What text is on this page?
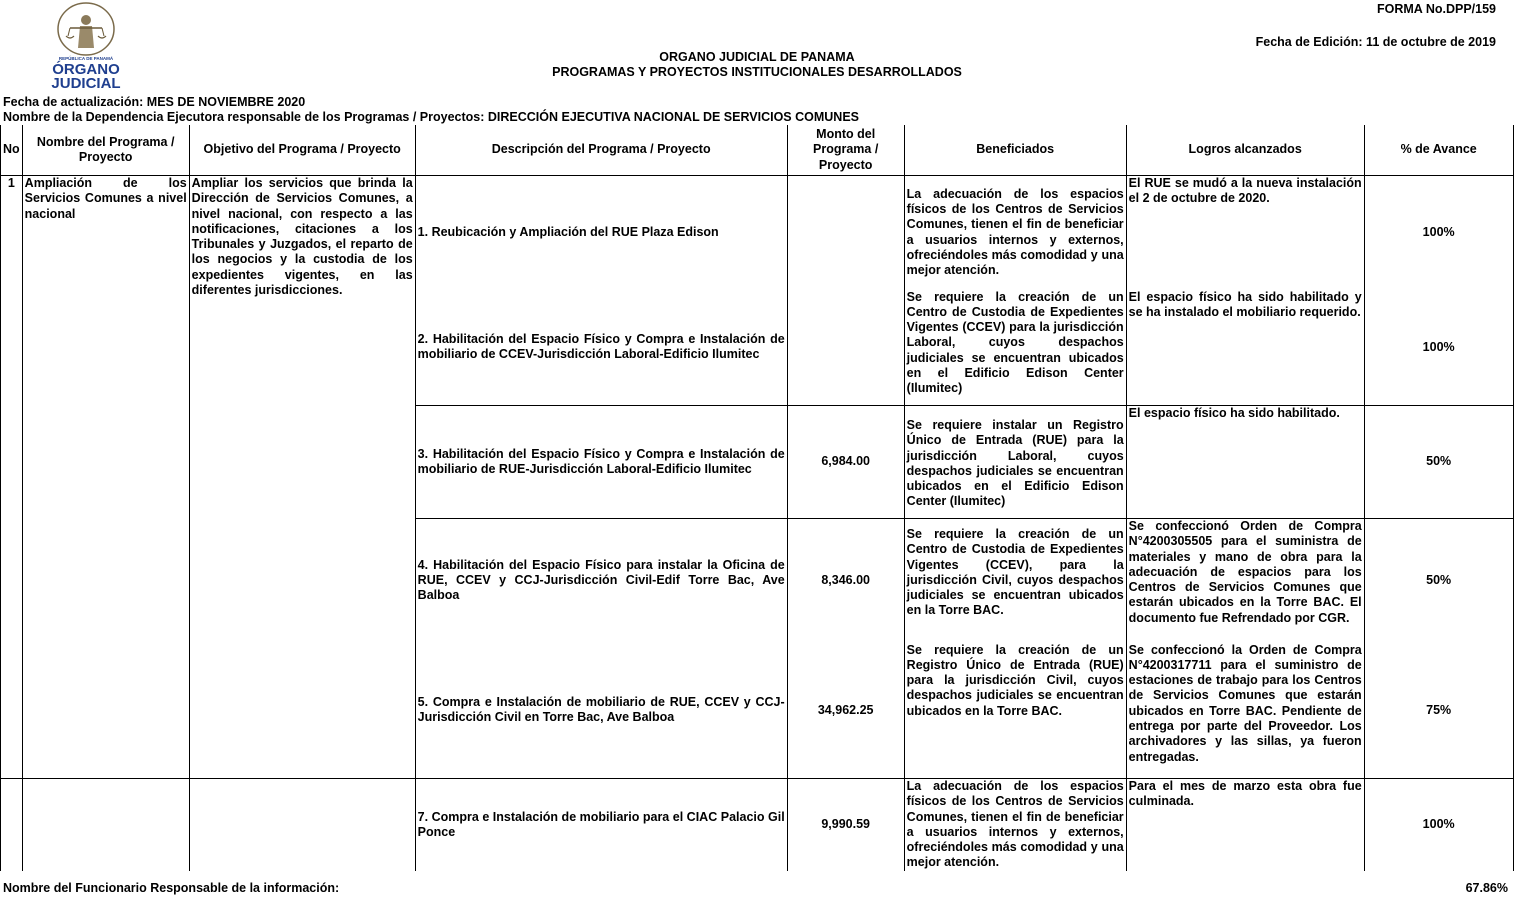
REPÚBLICA DE PANAMÁ
ÓRGANO
JUDICIAL
FORMA No.DPP/159
Fecha de Edición: 11 de octubre de 2019
ORGANO JUDICIAL DE PANAMA
PROGRAMAS Y PROYECTOS INSTITUCIONALES DESARROLLADOS
Fecha de actualización: MES DE NOVIEMBRE 2020
Nombre de la Dependencia Ejecutora responsable de los Programas / Proyectos: DIRECCIÓN EJECUTIVA NACIONAL DE SERVICIOS COMUNES
No	Nombre del Programa / Proyecto	Objetivo del Programa / Proyecto	Descripción del Programa / Proyecto	Monto del Programa / Proyecto	Beneficiados	Logros alcanzados	% de Avance
1	Ampliación de los Servicios Comunes a nivel nacional	Ampliar los servicios que brinda la Dirección de Servicios Comunes, a nivel nacional, con respecto a las notificaciones, citaciones a los Tribunales y Juzgados, el reparto de los negocios y la custodia de los expedientes vigentes, en las diferentes jurisdicciones.	1. Reubicación y Ampliación del RUE Plaza Edison		La adecuación de los espacios físicos de los Centros de Servicios Comunes, tienen el fin de beneficiar a usuarios internos y externos, ofreciéndoles más comodidad y una mejor atención.	El RUE se mudó a la nueva instalación el 2 de octubre de 2020.	100%
			2. Habilitación del Espacio Físico y Compra e Instalación de mobiliario de CCEV-Jurisdicción Laboral-Edificio Ilumitec		Se requiere la creación de un Centro de Custodia de Expedientes Vigentes (CCEV) para la jurisdicción Laboral, cuyos despachos judiciales se encuentran ubicados en el Edificio Edison Center (Ilumitec)	El espacio físico ha sido habilitado y se ha instalado el mobiliario requerido.	100%
			3. Habilitación del Espacio Físico y Compra e Instalación de mobiliario de RUE-Jurisdicción Laboral-Edificio Ilumitec	6,984.00	Se requiere instalar un Registro Único de Entrada (RUE) para la jurisdicción Laboral, cuyos despachos judiciales se encuentran ubicados en el Edificio Edison Center (Ilumitec)	El espacio físico ha sido habilitado.	50%
			4. Habilitación del Espacio Físico para instalar la Oficina de RUE, CCEV y CCJ-Jurisdicción Civil-Edif Torre Bac, Ave Balboa	8,346.00	Se requiere la creación de un Centro de Custodia de Expedientes Vigentes (CCEV), para la jurisdicción Civil, cuyos despachos judiciales se encuentran ubicados en la Torre BAC.	Se confeccionó Orden de Compra N°4200305505 para el suministra de materiales y mano de obra para la adecuación de espacios para los Centros de Servicios Comunes que estarán ubicados en la Torre BAC. El documento fue Refrendado por CGR.	50%
			5. Compra e Instalación de mobiliario de RUE, CCEV y CCJ-Jurisdicción Civil en Torre Bac, Ave Balboa	34,962.25	Se requiere la creación de un Registro Único de Entrada (RUE) para la jurisdicción Civil, cuyos despachos judiciales se encuentran ubicados en la Torre BAC.	Se confeccionó la Orden de Compra N°4200317711 para el suministro de estaciones de trabajo para los Centros de Servicios Comunes que estarán ubicados en Torre BAC. Pendiente de entrega por parte del Proveedor. Los archivadores y las sillas, ya fueron entregadas.	75%
			7. Compra e Instalación de mobiliario para el CIAC Palacio Gil Ponce	9,990.59	La adecuación de los espacios físicos de los Centros de Servicios Comunes, tienen el fin de beneficiar a usuarios internos y externos, ofreciéndoles más comodidad y una mejor atención.	Para el mes de marzo esta obra fue culminada.	100%
Nombre del Funcionario Responsable de la información:	67.86%
